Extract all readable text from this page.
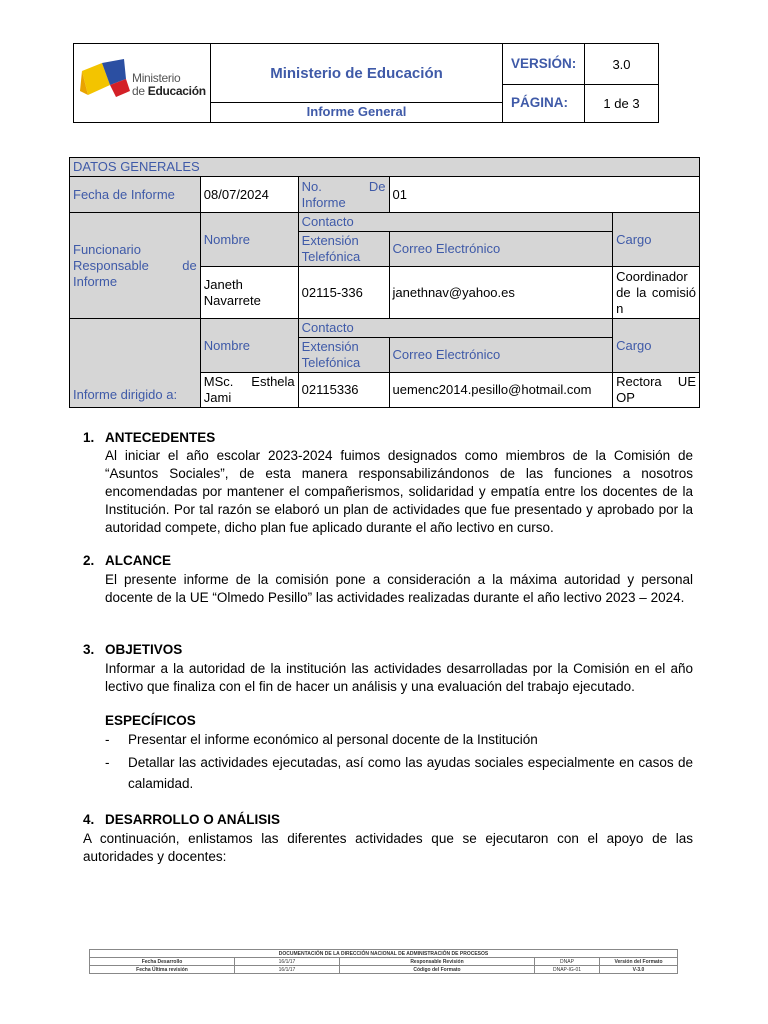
Ministerio
de Educación
Ministerio de Educación
Informe General
VERSIÓN:	3.0
PÁGINA:	1 de 3
DATOS GENERALES				
Fecha de Informe	08/07/2024	No. De Informe	01	
Funcionario Responsable de Informe	Nombre	Contacto		Cargo
		Extensión Telefónica	Correo Electrónico	
	Janeth Navarrete	02115-336	janethnav@yahoo.es	Coordinador de la comisión
Informe dirigido a:	Nombre	Contacto		Cargo
		Extensión Telefónica	Correo Electrónico	
	MSc. Esthela Jami	02115336	uemenc2014.pesillo@hotmail.com	Rectora UE OP
1. ANTECEDENTES

Al iniciar el año escolar 2023-2024 fuimos designados como miembros de la Comisión de “Asuntos Sociales”, de esta manera responsabilizándonos de las funciones a nosotros encomendadas por mantener el compañerismos, solidaridad y empatía entre los docentes de la Institución. Por tal razón se elaboró un plan de actividades que fue presentado y aprobado por la autoridad compete, dicho plan fue aplicado durante el año lectivo en curso.

2. ALCANCE

El presente informe de la comisión pone a consideración a la máxima autoridad y personal docente de la UE “Olmedo Pesillo” las actividades realizadas durante el año lectivo 2023 – 2024.

3. OBJETIVOS

Informar a la autoridad de la institución las actividades desarrolladas por la Comisión en el año lectivo que finaliza con el fin de hacer un análisis y una evaluación del trabajo ejecutado.

ESPECÍFICOS
- Presentar el informe económico al personal docente de la Institución
- Detallar las actividades ejecutadas, así como las ayudas sociales especialmente en casos de calamidad.
4. DESARROLLO O ANÁLISIS

A continuación, enlistamos las diferentes actividades que se ejecutaron con el apoyo de las autoridades y docentes:

DOCUMENTACIÓN DE LA DIRECCIÓN NACIONAL DE ADMINISTRACIÓN DE PROCESOS				
Fecha Desarrollo	16/1/17	Responsable Revisión	DNAP	Versión del Formato
Fecha Última revisión	16/1/17	Código del Formato	DNAP-IG-01	V-3.0
